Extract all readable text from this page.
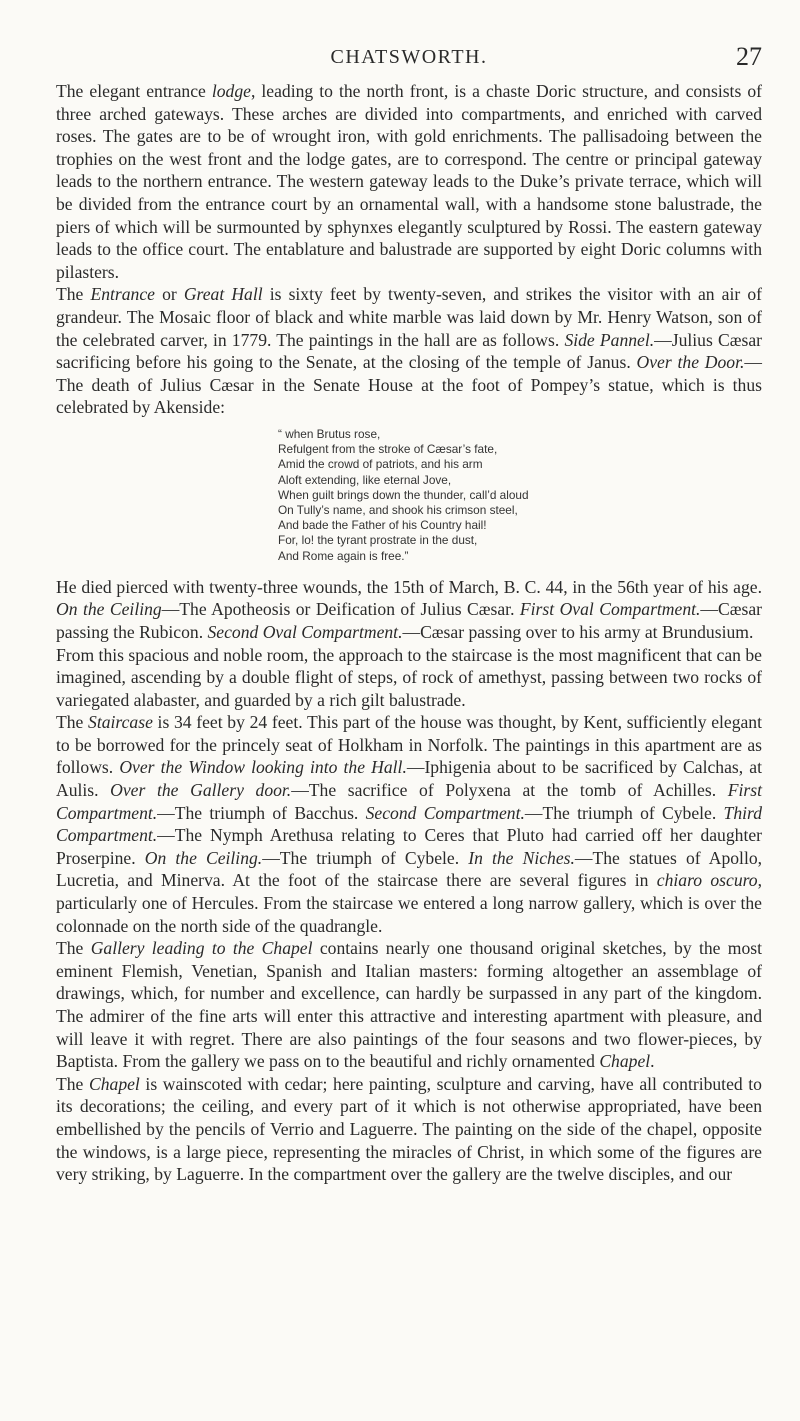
CHATSWORTH.	27

The elegant entrance lodge, leading to the north front, is a chaste Doric structure, and consists of three arched gateways. These arches are divided into compartments, and enriched with carved roses. The gates are to be of wrought iron, with gold enrichments. The pallisadoing between the trophies on the west front and the lodge gates, are to correspond. The centre or principal gateway leads to the northern entrance. The western gateway leads to the Duke’s private terrace, which will be divided from the entrance court by an ornamental wall, with a handsome stone balustrade, the piers of which will be surmounted by sphynxes elegantly sculptured by Rossi. The eastern gateway leads to the office court. The entablature and balustrade are supported by eight Doric columns with pilasters.

The Entrance or Great Hall is sixty feet by twenty-seven, and strikes the visitor with an air of grandeur. The Mosaic floor of black and white marble was laid down by Mr. Henry Watson, son of the celebrated carver, in 1779. The paintings in the hall are as follows. Side Pannel.—Julius Cæsar sacrificing before his going to the Senate, at the closing of the temple of Janus. Over the Door.—The death of Julius Cæsar in the Senate House at the foot of Pompey’s statue, which is thus celebrated by Akenside:

“ when Brutus rose,
Refulgent from the stroke of Cæsar’s fate,
Amid the crowd of patriots, and his arm
Aloft extending, like eternal Jove,
When guilt brings down the thunder, call’d aloud
On Tully’s name, and shook his crimson steel,
And bade the Father of his Country hail!
For, lo! the tyrant prostrate in the dust,
And Rome again is free.”

He died pierced with twenty-three wounds, the 15th of March, B. C. 44, in the 56th year of his age. On the Ceiling—The Apotheosis or Deification of Julius Cæsar. First Oval Compartment.—Cæsar passing the Rubicon. Second Oval Compartment.—Cæsar passing over to his army at Brundusium.

From this spacious and noble room, the approach to the staircase is the most magnificent that can be imagined, ascending by a double flight of steps, of rock of amethyst, passing between two rocks of variegated alabaster, and guarded by a rich gilt balustrade.

The Staircase is 34 feet by 24 feet. This part of the house was thought, by Kent, sufficiently elegant to be borrowed for the princely seat of Holkham in Norfolk. The paintings in this apartment are as follows. Over the Window looking into the Hall.—Iphigenia about to be sacrificed by Calchas, at Aulis. Over the Gallery door.—The sacrifice of Polyxena at the tomb of Achilles. First Compartment.—The triumph of Bacchus. Second Compartment.—The triumph of Cybele. Third Compartment.—The Nymph Arethusa relating to Ceres that Pluto had carried off her daughter Proserpine. On the Ceiling.—The triumph of Cybele. In the Niches.—The statues of Apollo, Lucretia, and Minerva. At the foot of the staircase there are several figures in chiaro oscuro, particularly one of Hercules. From the staircase we entered a long narrow gallery, which is over the colonnade on the north side of the quadrangle.

The Gallery leading to the Chapel contains nearly one thousand original sketches, by the most eminent Flemish, Venetian, Spanish and Italian masters: forming altogether an assemblage of drawings, which, for number and excellence, can hardly be surpassed in any part of the kingdom. The admirer of the fine arts will enter this attractive and interesting apartment with pleasure, and will leave it with regret. There are also paintings of the four seasons and two flower-pieces, by Baptista. From the gallery we pass on to the beautiful and richly ornamented Chapel.

The Chapel is wainscoted with cedar; here painting, sculpture and carving, have all contributed to its decorations; the ceiling, and every part of it which is not otherwise appropriated, have been embellished by the pencils of Verrio and Laguerre. The painting on the side of the chapel, opposite the windows, is a large piece, representing the miracles of Christ, in which some of the figures are very striking, by Laguerre. In the compartment over the gallery are the twelve disciples, and our
